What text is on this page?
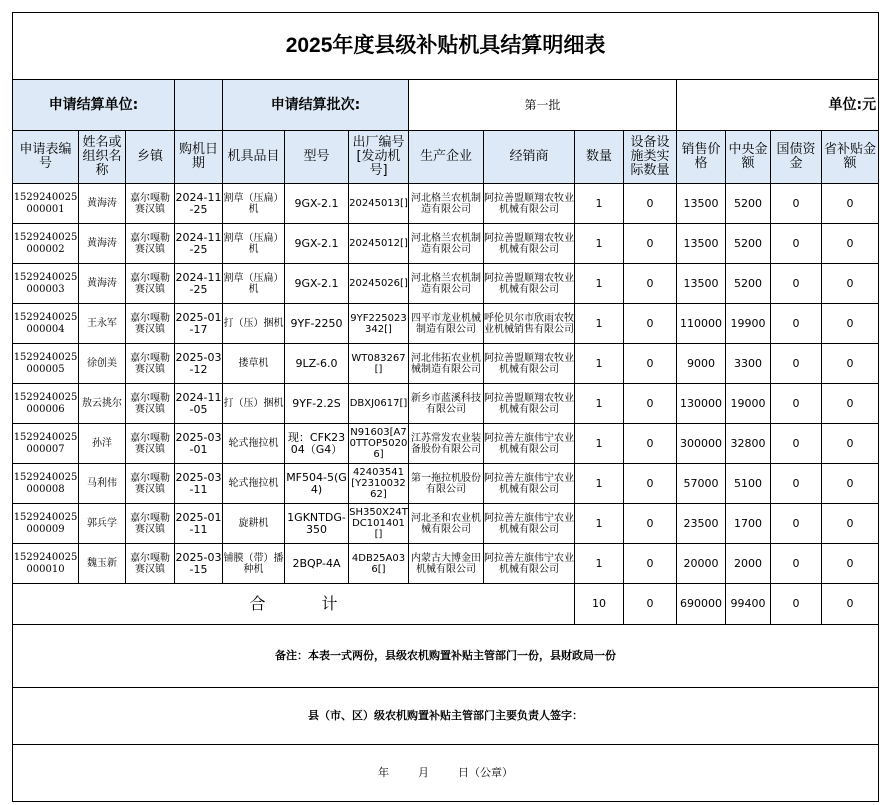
2025年度县级补贴机具结算明细表														
申请结算单位:				申请结算批次:			第一批				单位:元			
申请表编号	姓名或组织名称	乡镇	购机日期	机具品目	型号	出厂编号[发动机号]	生产企业	经销商	数量	设备设施类实际数量	销售价格	中央金额	国债资金	省补贴金额
1529240025000001	黄海涛	嘉尔嘎勒赛汉镇	2024-11-25	割草（压扁）机	9GX-2.1	20245013[]	河北格兰农机制造有限公司	阿拉善盟顺翔农牧业机械有限公司	1	0	13500	5200	0	0
1529240025000002	黄海涛	嘉尔嘎勒赛汉镇	2024-11-25	割草（压扁）机	9GX-2.1	20245012[]	河北格兰农机制造有限公司	阿拉善盟顺翔农牧业机械有限公司	1	0	13500	5200	0	0
1529240025000003	黄海涛	嘉尔嘎勒赛汉镇	2024-11-25	割草（压扁）机	9GX-2.1	20245026[]	河北格兰农机制造有限公司	阿拉善盟顺翔农牧业机械有限公司	1	0	13500	5200	0	0
1529240025000004	王永军	嘉尔嘎勒赛汉镇	2025-01-17	打（压）捆机	9YF-2250	9YF225023342[]	四平市龙业机械制造有限公司	呼伦贝尔市欣雨农牧业机械销售有限公司	1	0	110000	19900	0	0
1529240025000005	徐创美	嘉尔嘎勒赛汉镇	2025-03-12	搂草机	9LZ-6.0	WT083267[]	河北伟拓农业机械制造有限公司	阿拉善盟顺翔农牧业机械有限公司	1	0	9000	3300	0	0
1529240025000006	敖云挑尔	嘉尔嘎勒赛汉镇	2024-11-05	打（压）捆机	9YF-2.2S	DBXJ0617[]	新乡市蓝溪科技有限公司	阿拉善盟顺翔农牧业机械有限公司	1	0	130000	19000	0	0
1529240025000007	孙洋	嘉尔嘎勒赛汉镇	2025-03-01	轮式拖拉机	现：CFK2304（G4）	N91603[A70TTOP50206]	江苏常发农业装备股份有限公司	阿拉善左旗伟宁农业机械有限公司	1	0	300000	32800	0	0
1529240025000008	马利伟	嘉尔嘎勒赛汉镇	2025-03-11	轮式拖拉机	MF504-5(G4)	42403541[Y231003262]	第一拖拉机股份有限公司	阿拉善左旗伟宁农业机械有限公司	1	0	57000	5100	0	0
1529240025000009	郭兵学	嘉尔嘎勒赛汉镇	2025-01-11	旋耕机	1GKNTDG-350	SH350X24TDC101401[]	河北圣和农业机械有限公司	阿拉善左旗伟宁农业机械有限公司	1	0	23500	1700	0	0
1529240025000010	魏玉新	嘉尔嘎勒赛汉镇	2025-03-15	铺膜（带）播种机	2BQP-4A	4DB25A036[]	内蒙古大博金田机械有限公司	阿拉善左旗伟宁农业机械有限公司	1	0	20000	2000	0	0
合 计									10	0	690000	99400	0	0
备注：本表一式两份，县级农机购置补贴主管部门一份，县财政局一份														
县（市、区）级农机购置补贴主管部门主要负责人签字：														
年 月 日（公章）														
